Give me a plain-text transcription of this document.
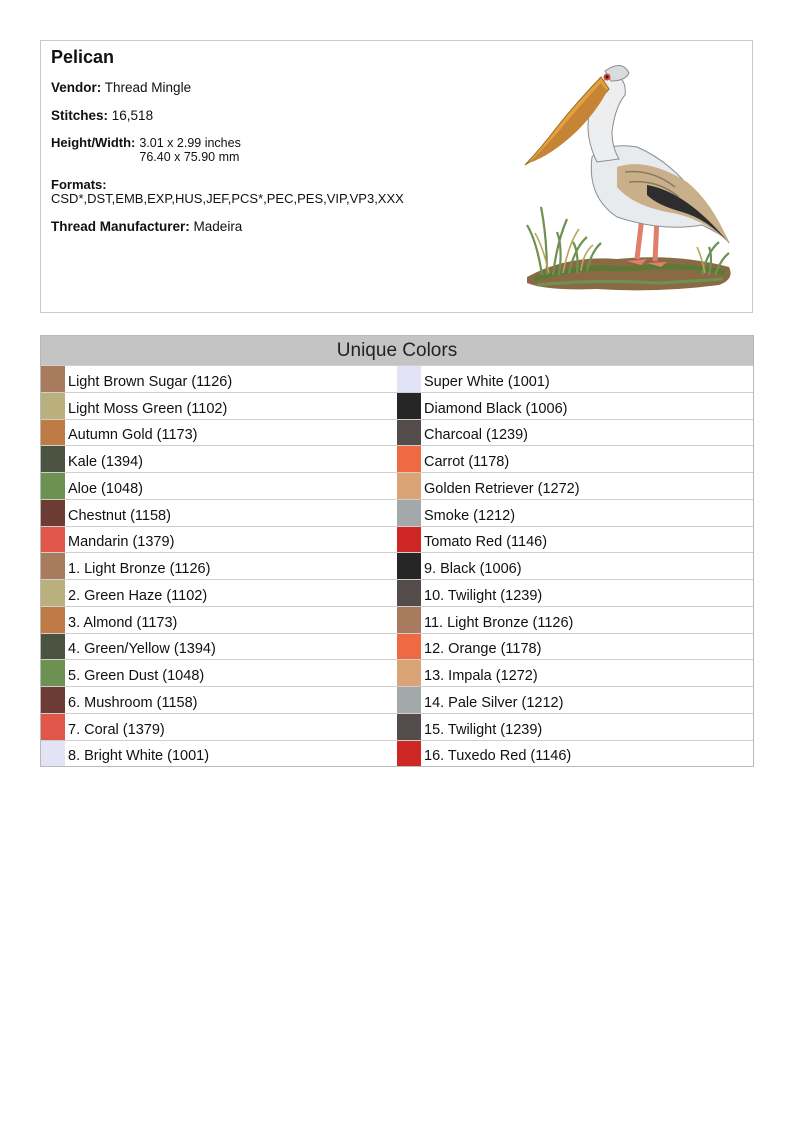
Pelican
Vendor: Thread Mingle
Stitches: 16,518
Height/Width: 3.01 x 2.99 inches
76.40 x 75.90 mm
Formats:
CSD*,DST,EMB,EXP,HUS,JEF,PCS*,PEC,PES,VIP,VP3,XXX
Thread Manufacturer: Madeira
Unique Colors
Light Brown Sugar (1126)
Light Moss Green (1102)
Autumn Gold (1173)
Kale (1394)
Aloe (1048)
Chestnut (1158)
Mandarin (1379)
1. Light Bronze (1126)
2. Green Haze (1102)
3. Almond (1173)
4. Green/Yellow (1394)
5. Green Dust (1048)
6. Mushroom (1158)
7. Coral (1379)
8. Bright White (1001)
Super White (1001)
Diamond Black (1006)
Charcoal (1239)
Carrot (1178)
Golden Retriever (1272)
Smoke (1212)
Tomato Red (1146)
9. Black (1006)
10. Twilight (1239)
11. Light Bronze (1126)
12. Orange (1178)
13. Impala (1272)
14. Pale Silver (1212)
15. Twilight (1239)
16. Tuxedo Red (1146)
